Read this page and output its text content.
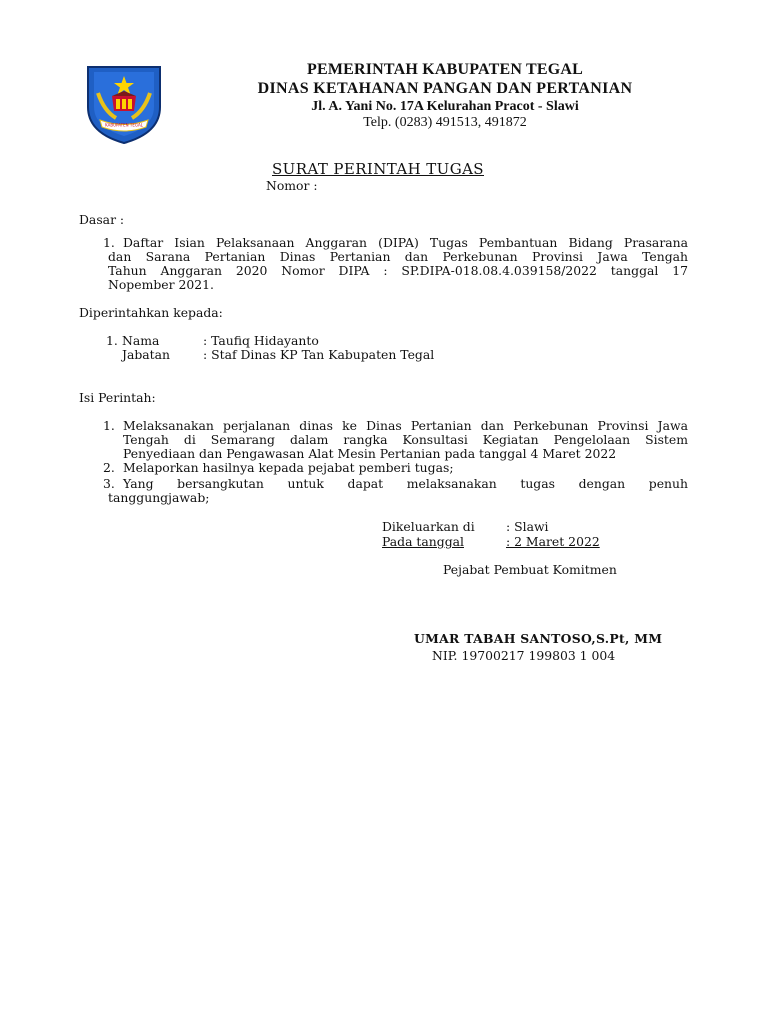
KABUPATEN TEGAL
PEMERINTAH KABUPATEN TEGAL
DINAS KETAHANAN PANGAN DAN PERTANIAN
Jl. A. Yani No. 17A Kelurahan Pracot - Slawi
Telp. (0283) 491513, 491872
SURAT PERINTAH TUGAS
Nomor :
Dasar :
1. Daftar Isian Pelaksanaan Anggaran (DIPA) Tugas Pembantuan Bidang Prasarana
dan Sarana Pertanian Dinas Pertanian dan Perkebunan Provinsi Jawa Tengah
Tahun Anggaran 2020 Nomor DIPA : SP.DIPA-018.08.4.039158/2022 tanggal 17
Nopember 2021.
Diperintahkan kepada:
1. Nama	: Taufiq Hidayanto
Jabatan	: Staf Dinas KP Tan Kabupaten Tegal
Isi Perintah:
1. Melaksanakan perjalanan dinas ke Dinas Pertanian dan Perkebunan Provinsi Jawa
Tengah di Semarang dalam rangka Konsultasi Kegiatan Pengelolaan Sistem
Penyediaan dan Pengawasan Alat Mesin Pertanian pada tanggal 4 Maret 2022
2. Melaporkan hasilnya kepada pejabat pemberi tugas;
3. Yang bersangkutan untuk dapat melaksanakan tugas dengan penuh
tanggungjawab;
Dikeluarkan di	: Slawi
Pada tanggal	: 2 Maret 2022
Pejabat Pembuat Komitmen
UMAR TABAH SANTOSO,S.Pt, MM
NIP. 19700217 199803 1 004
